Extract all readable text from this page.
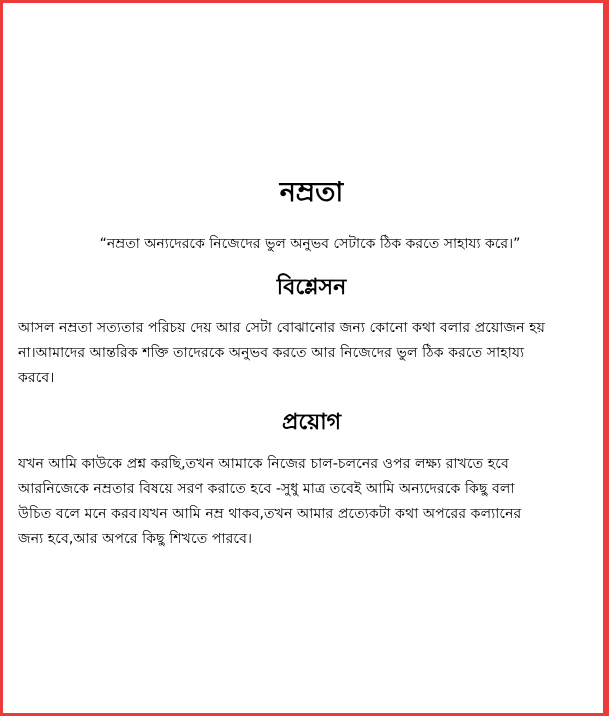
নম্রতা

“নম্রতা অন্যদেরকে নিজেদের ভুল অনুভব সেটাকে ঠিক করতে সাহায্য করে।”

বিশ্লেসন

আসল নম্রতা সত্যতার পরিচয় দেয় আর সেটা বোঝানোর জন্য কোনো কথা বলার প্রয়োজন হয়
না।আমাদের আন্তরিক শক্তি তাদেরকে অনুভব করতে আর নিজেদের ভুল ঠিক করতে সাহায্য
করবে।

প্রয়োগ

যখন আমি কাউকে প্রশ্ন করছি,তখন আমাকে নিজের চাল-চলনের ওপর লক্ষ্য রাখতে হবে
আরনিজেকে নম্রতার বিষয়ে সরণ করাতে হবে -সুধু মাত্র তবেই আমি অন্যদেরকে কিছু বলা
উচিত বলে মনে করব।যখন আমি নম্র থাকব,তখন আমার প্রত্যেকটা কথা অপরের কল্যানের
জন্য হবে,আর অপরে কিছু শিখতে পারবে।
